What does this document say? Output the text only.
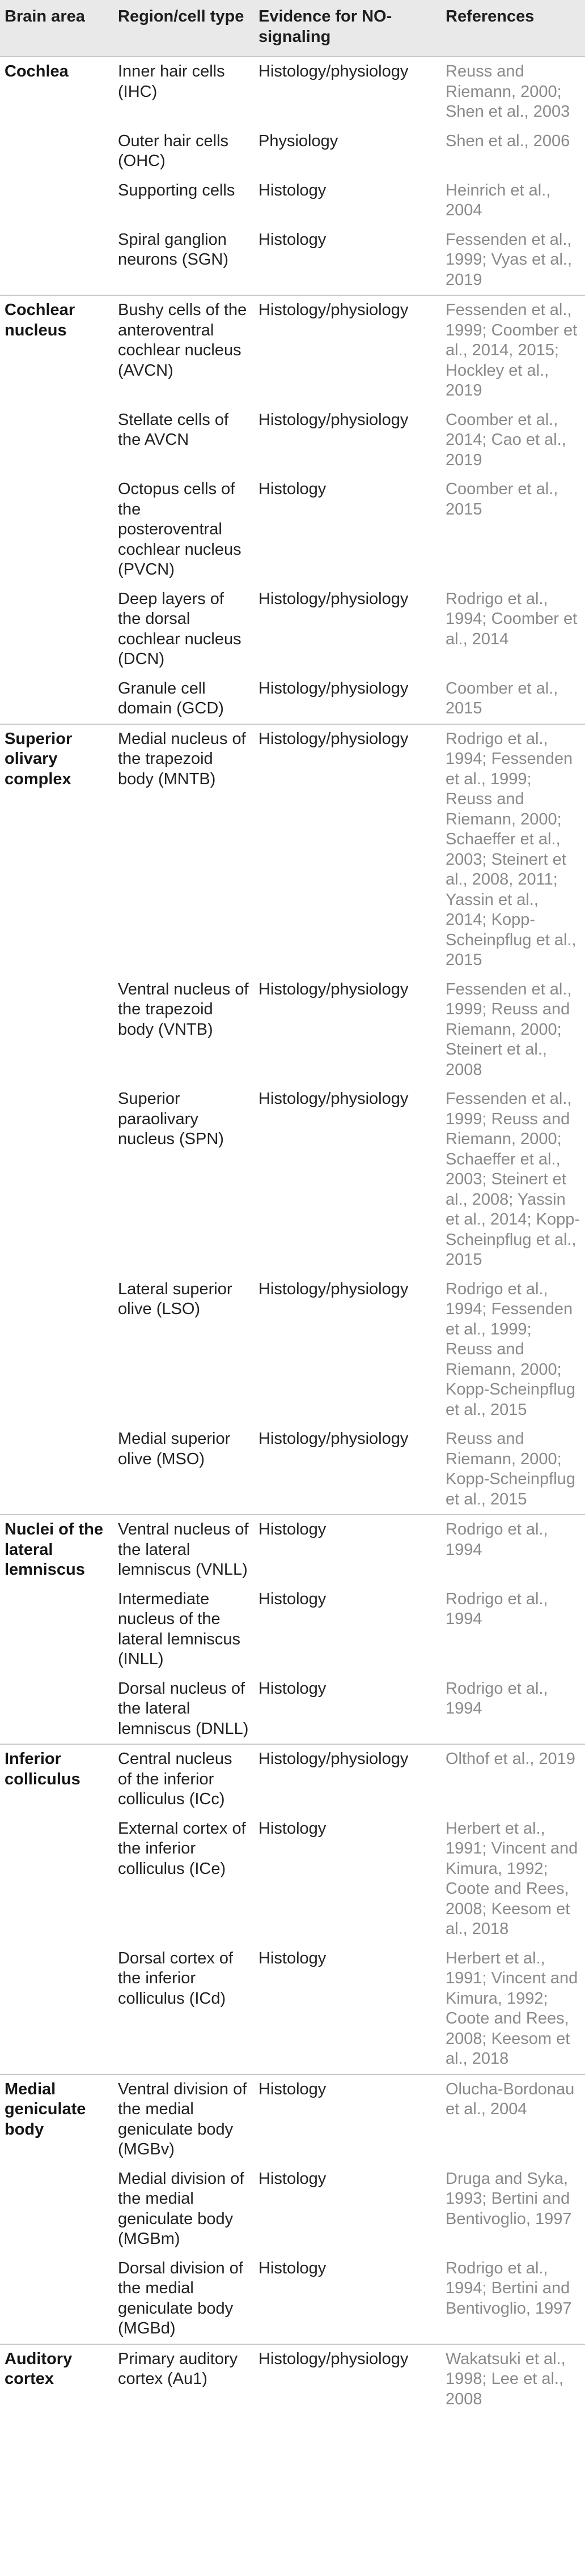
Brain area	Region/cell type	Evidence for NO-signaling	References
Cochlea	Inner hair cells (IHC)	Histology/physiology	Reuss and Riemann, 2000; Shen et al., 2003
	Outer hair cells (OHC)	Physiology	Shen et al., 2006
	Supporting cells	Histology	Heinrich et al., 2004
	Spiral ganglion neurons (SGN)	Histology	Fessenden et al., 1999; Vyas et al., 2019
Cochlear nucleus	Bushy cells of the anteroventral cochlear nucleus (AVCN)	Histology/physiology	Fessenden et al., 1999; Coomber et al., 2014, 2015; Hockley et al., 2019
	Stellate cells of the AVCN	Histology/physiology	Coomber et al., 2014; Cao et al., 2019
	Octopus cells of the posteroventral cochlear nucleus (PVCN)	Histology	Coomber et al., 2015
	Deep layers of the dorsal cochlear nucleus (DCN)	Histology/physiology	Rodrigo et al., 1994; Coomber et al., 2014
	Granule cell domain (GCD)	Histology/physiology	Coomber et al., 2015
Superior olivary complex	Medial nucleus of the trapezoid body (MNTB)	Histology/physiology	Rodrigo et al., 1994; Fessenden et al., 1999; Reuss and Riemann, 2000; Schaeffer et al., 2003; Steinert et al., 2008, 2011; Yassin et al., 2014; Kopp-Scheinpflug et al., 2015
	Ventral nucleus of the trapezoid body (VNTB)	Histology/physiology	Fessenden et al., 1999; Reuss and Riemann, 2000; Steinert et al., 2008
	Superior paraolivary nucleus (SPN)	Histology/physiology	Fessenden et al., 1999; Reuss and Riemann, 2000; Schaeffer et al., 2003; Steinert et al., 2008; Yassin et al., 2014; Kopp-Scheinpflug et al., 2015
	Lateral superior olive (LSO)	Histology/physiology	Rodrigo et al., 1994; Fessenden et al., 1999; Reuss and Riemann, 2000; Kopp-Scheinpflug et al., 2015
	Medial superior olive (MSO)	Histology/physiology	Reuss and Riemann, 2000; Kopp-Scheinpflug et al., 2015
Nuclei of the lateral lemniscus	Ventral nucleus of the lateral lemniscus (VNLL)	Histology	Rodrigo et al., 1994
	Intermediate nucleus of the lateral lemniscus (INLL)	Histology	Rodrigo et al., 1994
	Dorsal nucleus of the lateral lemniscus (DNLL)	Histology	Rodrigo et al., 1994
Inferior colliculus	Central nucleus of the inferior colliculus (ICc)	Histology/physiology	Olthof et al., 2019
	External cortex of the inferior colliculus (ICe)	Histology	Herbert et al., 1991; Vincent and Kimura, 1992; Coote and Rees, 2008; Keesom et al., 2018
	Dorsal cortex of the inferior colliculus (ICd)	Histology	Herbert et al., 1991; Vincent and Kimura, 1992; Coote and Rees, 2008; Keesom et al., 2018
Medial geniculate body	Ventral division of the medial geniculate body (MGBv)	Histology	Olucha-Bordonau et al., 2004
	Medial division of the medial geniculate body (MGBm)	Histology	Druga and Syka, 1993; Bertini and Bentivoglio, 1997
	Dorsal division of the medial geniculate body (MGBd)	Histology	Rodrigo et al., 1994; Bertini and Bentivoglio, 1997
Auditory cortex	Primary auditory cortex (Au1)	Histology/physiology	Wakatsuki et al., 1998; Lee et al., 2008
